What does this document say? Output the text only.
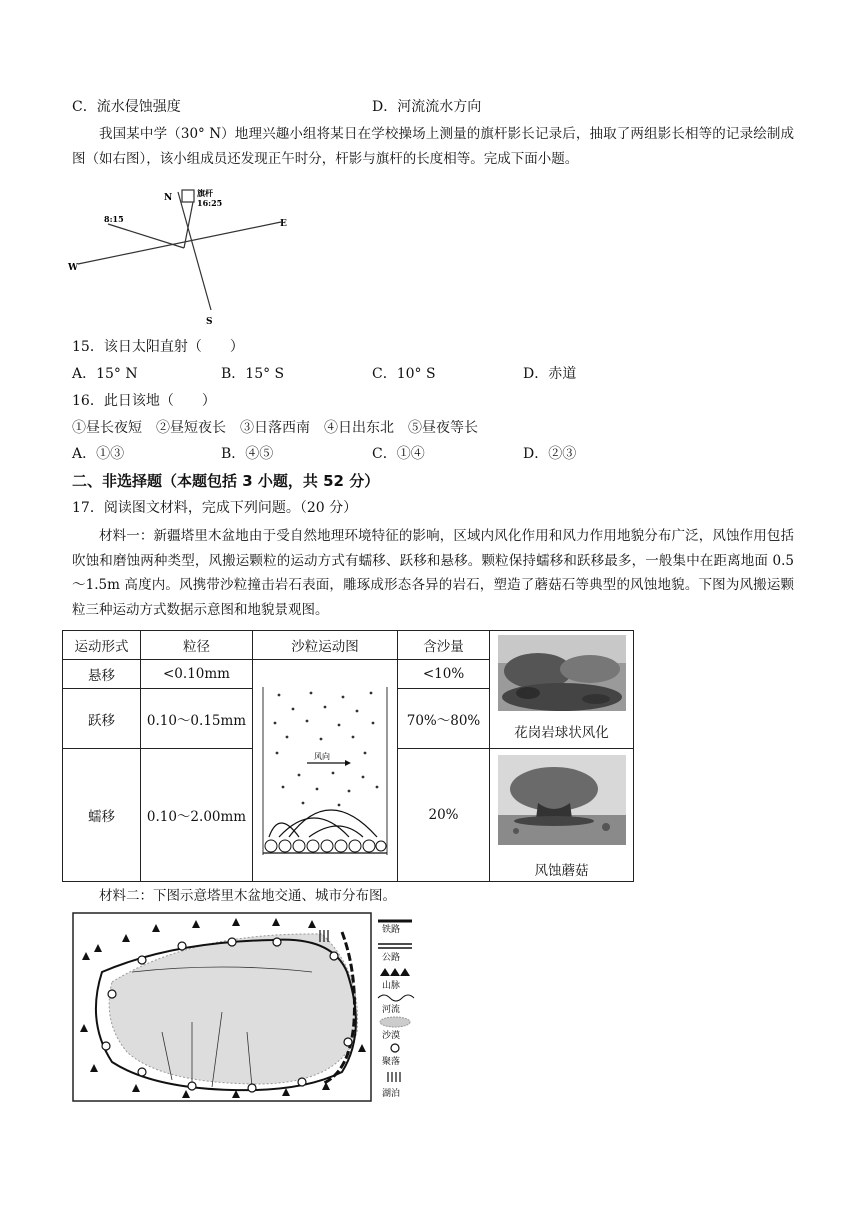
C．流水侵蚀强度	D．河流流水方向
我国某中学（30° N）地理兴趣小组将某日在学校操场上测量的旗杆影长记录后，抽取了两组影长相等的记录绘制成图（如右图），该小组成员还发现正午时分，杆影与旗杆的长度相等。完成下面小题。
N
S
E
W
旗杆
16:25
8:15
15．该日太阳直射（　　）
A．15° N	B．15° S	C．10° S	D．赤道
16．此日该地（　　）
①昼长夜短　②昼短夜长　③日落西南　④日出东北　⑤昼夜等长
A．①③	B．④⑤	C．①④	D．②③
二、非选择题（本题包括 3 小题，共 52 分）
17．阅读图文材料，完成下列问题。（20 分）
材料一：新疆塔里木盆地由于受自然地理环境特征的影响，区域内风化作用和风力作用地貌分布广泛，风蚀作用包括吹蚀和磨蚀两种类型，风搬运颗粒的运动方式有蠕移、跃移和悬移。颗粒保持蠕移和跃移最多，一般集中在距离地面 0.5～1.5m 高度内。风携带沙粒撞击岩石表面，雕琢成形态各异的岩石，塑造了蘑菇石等典型的风蚀地貌。下图为风搬运颗粒三种运动方式数据示意图和地貌景观图。
运动形式	粒径	沙粒运动图	含沙量	花岗岩球状风化

悬移	<0.10mm	风向	<10%	
跃移	0.10～0.15mm		70%～80%	
蠕移	0.10～2.00mm		20%	风蚀蘑菇
材料二：下图示意塔里木盆地交通、城市分布图。
铁路
公路
山脉
河流
沙漠
聚落
湖泊
